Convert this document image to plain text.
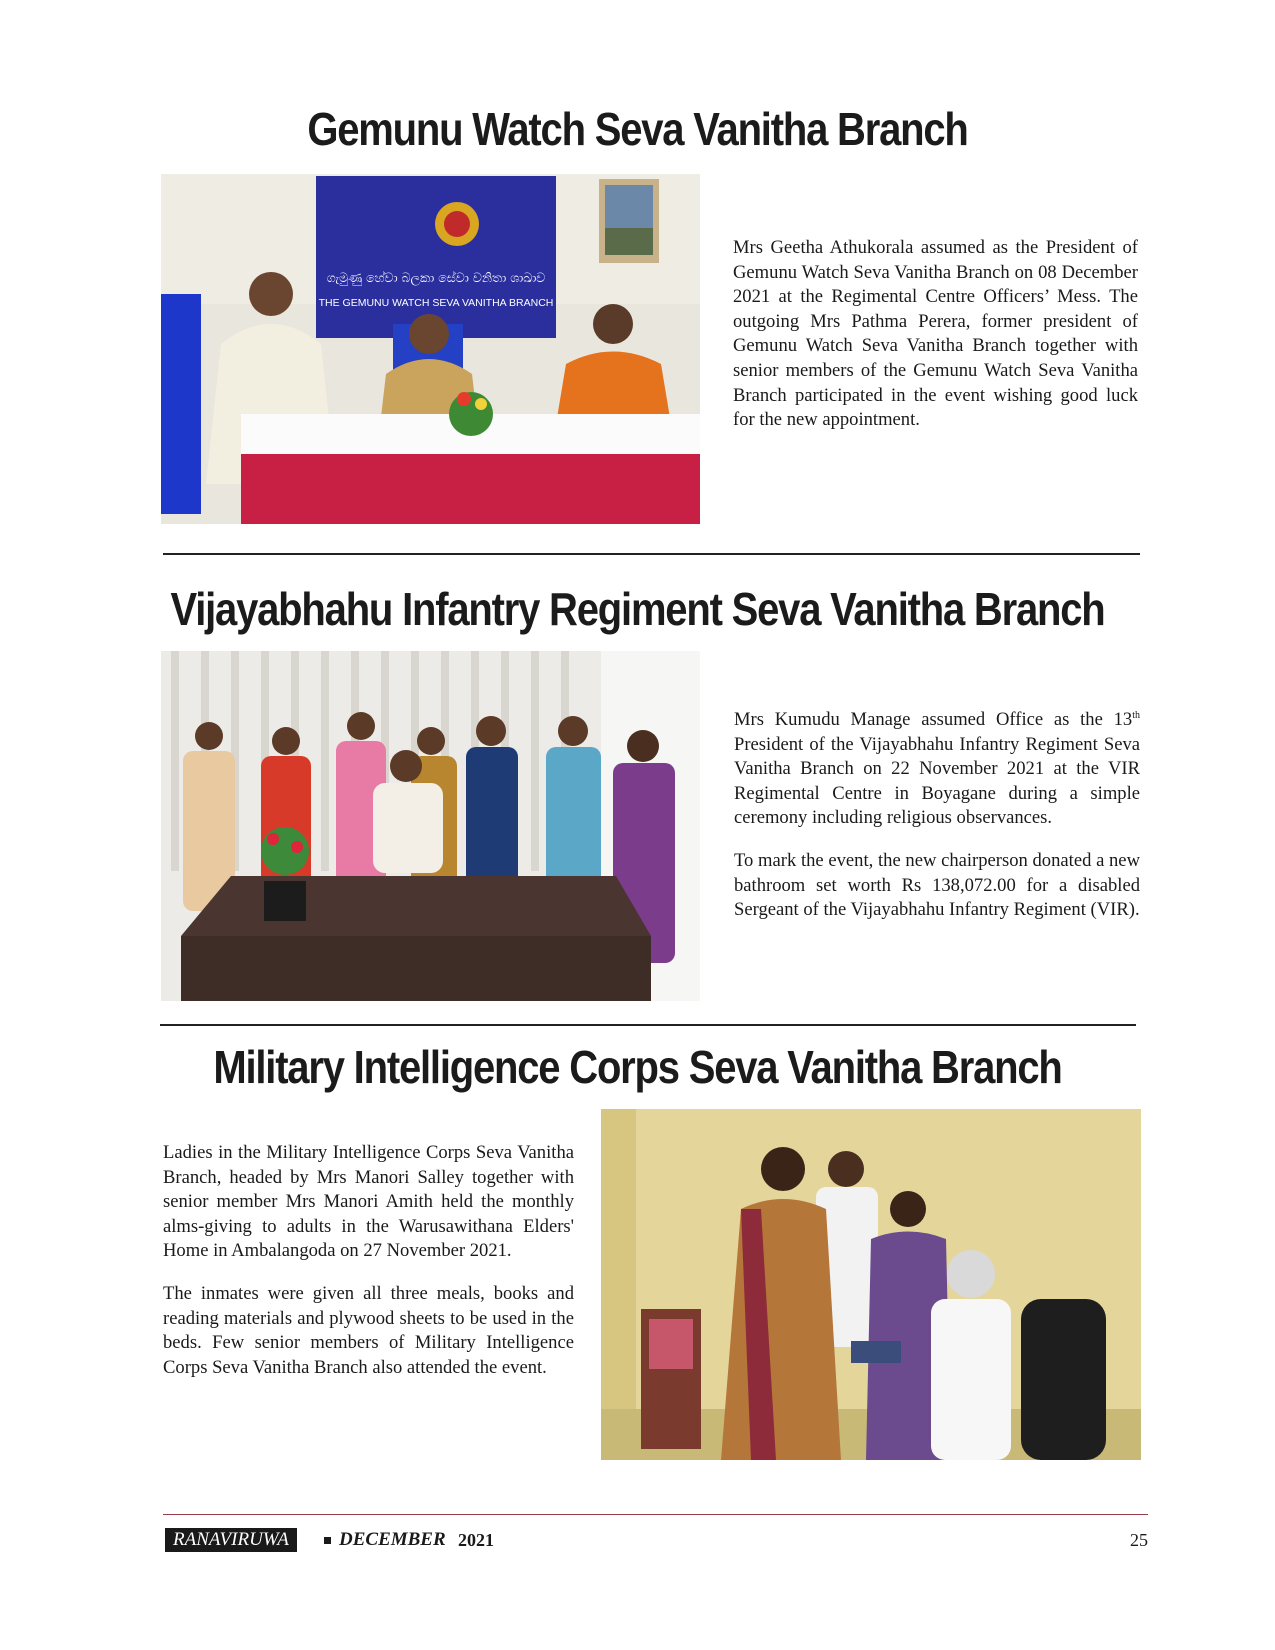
Gemunu Watch Seva Vanitha Branch
ගැමුණු හේවා බලකා සේවා වනිතා ශාඛාව
THE GEMUNU WATCH SEVA VANITHA BRANCH

Mrs Geetha Athukorala assumed as the President of Gemunu Watch Seva Vanitha Branch on 08 December 2021 at the Regimental Centre Officers’ Mess. The outgoing Mrs Pathma Perera, former president of Gemunu Watch Seva Vanitha Branch together with senior members of the Gemunu Watch Seva Vanitha Branch participated in the event wishing good luck for the new appointment.

Vijayabhahu Infantry Regiment Seva Vanitha Branch

Mrs Kumudu Manage assumed Office as the 13th President of the Vijayabhahu Infantry Regiment Seva Vanitha Branch on 22 November 2021 at the VIR Regimental Centre in Boyagane during a simple ceremony including religious observances.

To mark the event, the new chairperson donated a new bathroom set worth Rs 138,072.00 for a disabled Sergeant of the Vijayabhahu Infantry Regiment (VIR).

Military Intelligence Corps Seva Vanitha Branch

Ladies in the Military Intelligence Corps Seva Vanitha Branch, headed by Mrs Manori Salley together with senior member Mrs Manori Amith held the monthly alms-giving to adults in the Warusawithana Elders' Home in Ambalangoda on 27 November 2021.

The inmates were given all three meals, books and reading materials and plywood sheets to be used in the beds. Few senior members of Military Intelligence Corps Seva Vanitha Branch also attended the event.

RANAVIRUWA	DECEMBER 2021	25
